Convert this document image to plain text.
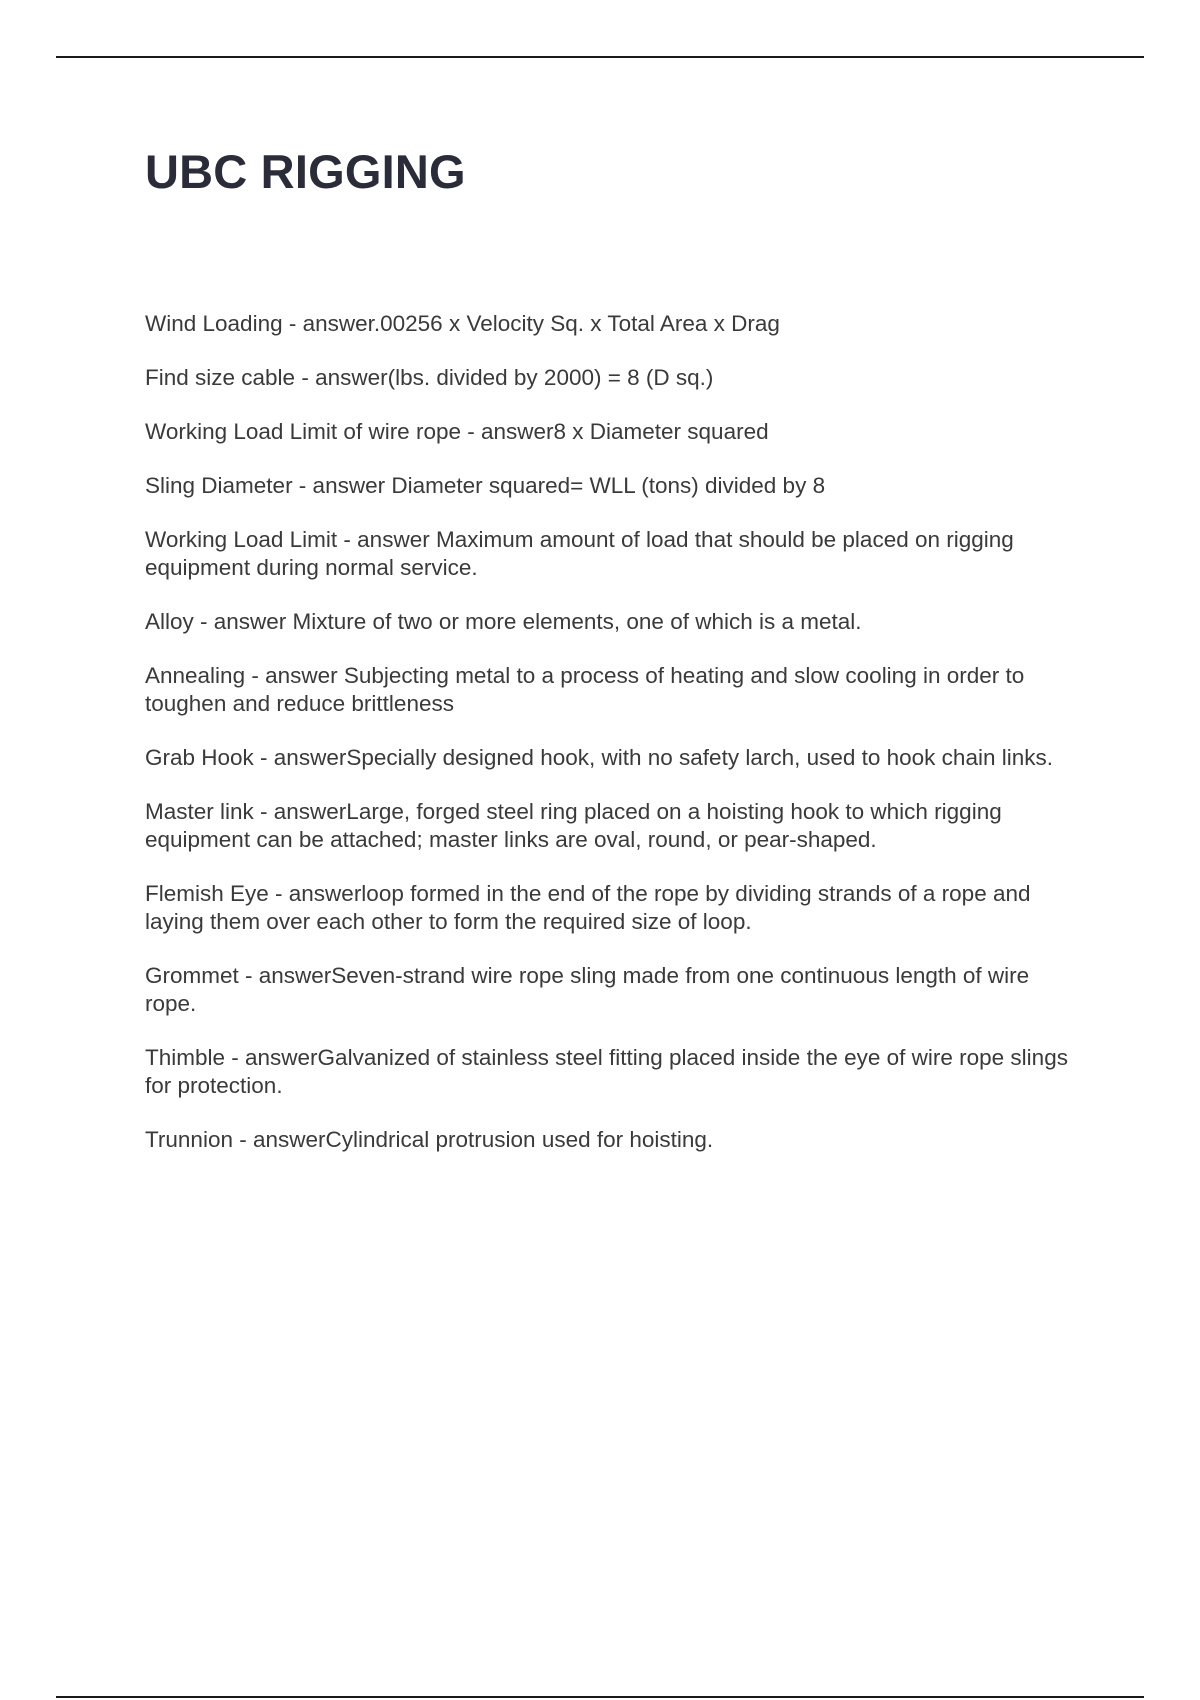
UBC RIGGING
Wind Loading - answer.00256 x Velocity Sq. x Total Area x Drag
Find size cable - answer(lbs. divided by 2000) = 8 (D sq.)
Working Load Limit of wire rope - answer8 x Diameter squared
Sling Diameter - answer Diameter squared= WLL (tons) divided by 8
Working Load Limit - answer Maximum amount of load that should be placed on rigging equipment during normal service.
Alloy - answer Mixture of two or more elements, one of which is a metal.
Annealing - answer Subjecting metal to a process of heating and slow cooling in order to toughen and reduce brittleness
Grab Hook - answerSpecially designed hook, with no safety larch, used to hook chain links.
Master link - answerLarge, forged steel ring placed on a hoisting hook to which rigging equipment can be attached; master links are oval, round, or pear-shaped.
Flemish Eye - answerloop formed in the end of the rope by dividing strands of a rope and laying them over each other to form the required size of loop.
Grommet - answerSeven-strand wire rope sling made from one continuous length of wire rope.
Thimble - answerGalvanized of stainless steel fitting placed inside the eye of wire rope slings for protection.
Trunnion - answerCylindrical protrusion used for hoisting.
